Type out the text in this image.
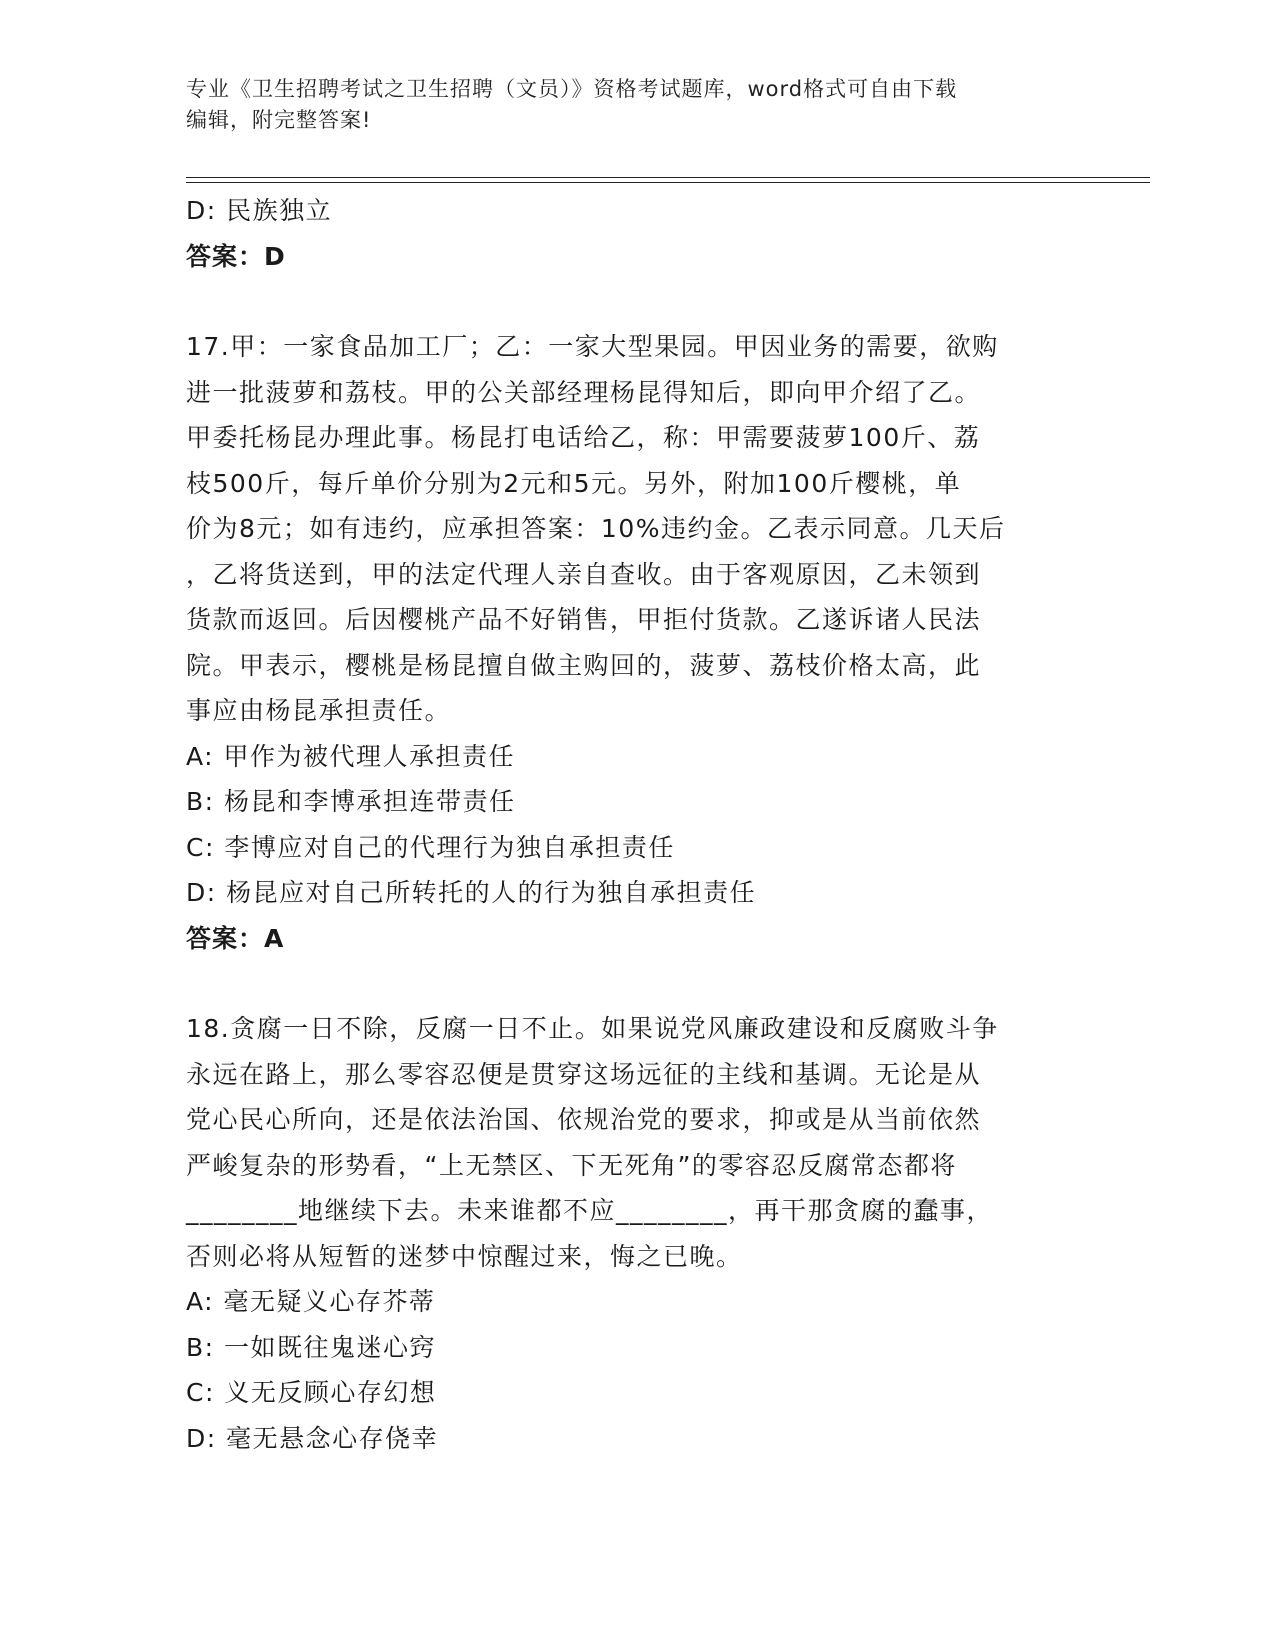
专业《卫生招聘考试之卫生招聘（文员）》资格考试题库，word格式可自由下载
编辑，附完整答案!
D: 民族独立
答案：D
17.甲：一家食品加工厂；乙：一家大型果园。甲因业务的需要，欲购
进一批菠萝和荔枝。甲的公关部经理杨昆得知后，即向甲介绍了乙。
甲委托杨昆办理此事。杨昆打电话给乙，称：甲需要菠萝100斤、荔
枝500斤，每斤单价分别为2元和5元。另外，附加100斤樱桃，单
价为8元；如有违约，应承担答案：10%违约金。乙表示同意。几天后
，乙将货送到，甲的法定代理人亲自查收。由于客观原因，乙未领到
货款而返回。后因樱桃产品不好销售，甲拒付货款。乙遂诉诸人民法
院。甲表示，樱桃是杨昆擅自做主购回的，菠萝、荔枝价格太高，此
事应由杨昆承担责任。
A: 甲作为被代理人承担责任
B: 杨昆和李博承担连带责任
C: 李博应对自己的代理行为独自承担责任
D: 杨昆应对自己所转托的人的行为独自承担责任
答案：A
18.贪腐一日不除，反腐一日不止。如果说党风廉政建设和反腐败斗争
永远在路上，那么零容忍便是贯穿这场远征的主线和基调。无论是从
党心民心所向，还是依法治国、依规治党的要求，抑或是从当前依然
严峻复杂的形势看，“上无禁区、下无死角”的零容忍反腐常态都将
________地继续下去。未来谁都不应________，再干那贪腐的蠢事，
否则必将从短暂的迷梦中惊醒过来，悔之已晚。
A: 毫无疑义心存芥蒂
B: 一如既往鬼迷心窍
C: 义无反顾心存幻想
D: 毫无悬念心存侥幸
